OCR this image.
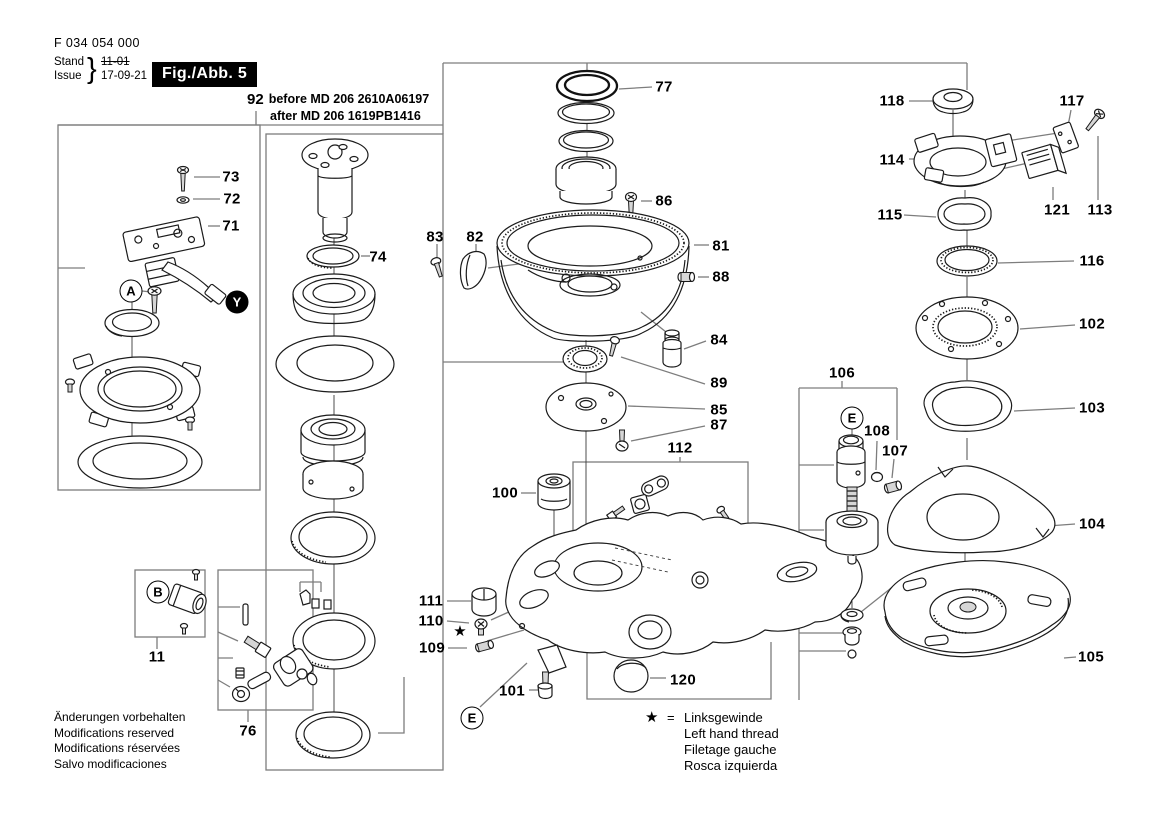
F 034 054 000
Stand
Issue } 11-01
17-09-21 Fig./Abb. 5
92 before MD 206 2610A06197
after MD 206 1619PB1416
Änderungen vorbehalten
Modifications reserved
Modifications réservées
Salvo modificaciones
★ = Linksgewinde
Left hand thread
Filetage gauche
Rosca izquierda
73
72
71
74
11
76
77
86
81
88
83 82
84
89
85
87
112
100
111
110
109
101
120
118	117
114
115	121 113
116
102
103
104
105
106
108
107
A
Y
B
E
E
★
